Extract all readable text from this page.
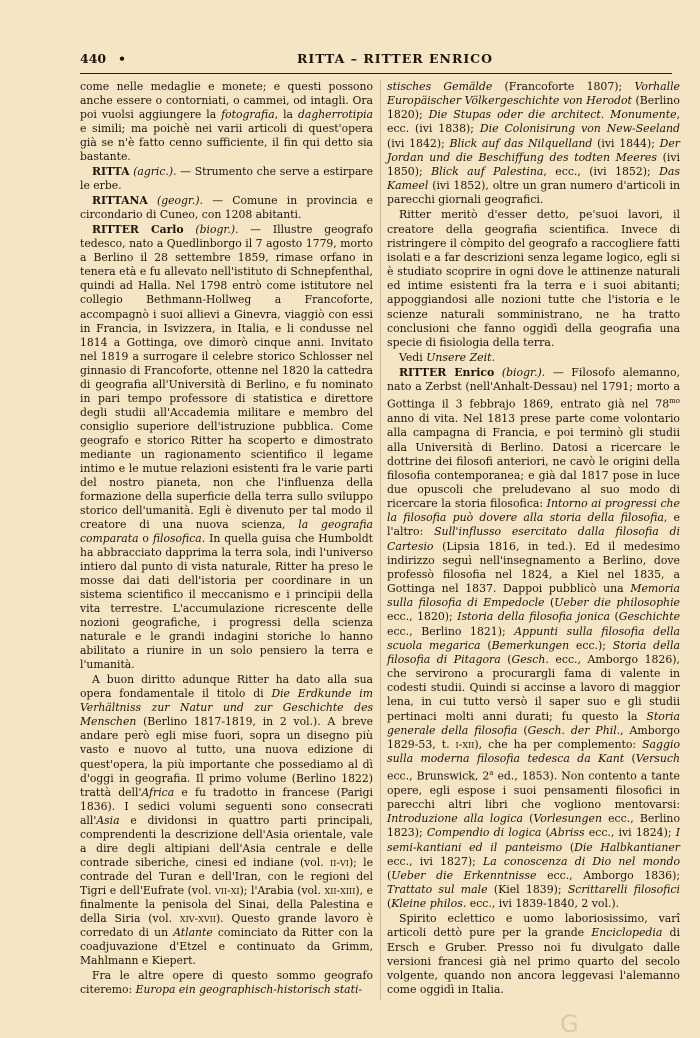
440 •	RITTA – RITTER ENRICO

come nelle medaglie e monete; e questi possono anche essere o contorniati, o cammei, od intagli. Ora poi vuolsi aggiungere la fotografia, la dagherrotipia e simili; ma poichè nei varii articoli di quest'opera già se n'è fatto cenno sufficiente, il fin qui detto sia bastante.

RITTA (agric.). — Strumento che serve a estirpare le erbe.

RITTANA (geogr.). — Comune in provincia e circondario di Cuneo, con 1208 abitanti.

RITTER Carlo (biogr.). — Illustre geografo tedesco, nato a Quedlinborgo il 7 agosto 1779, morto a Berlino il 28 settembre 1859, rimase orfano in tenera età e fu allevato nell'istituto di Schnepfenthal, quindi ad Halla. Nel 1798 entrò come istitutore nel collegio Bethmann-Hollweg a Francoforte, accompagnò i suoi allievi a Ginevra, viaggiò con essi in Francia, in Isvizzera, in Italia, e li condusse nel 1814 a Gottinga, ove dimorò cinque anni. Invitato nel 1819 a surrogare il celebre storico Schlosser nel ginnasio di Francoforte, ottenne nel 1820 la cattedra di geografia all'Università di Berlino, e fu nominato in pari tempo professore di statistica e direttore degli studii all'Accademia militare e membro del consiglio superiore dell'istruzione pubblica. Come geografo e storico Ritter ha scoperto e dimostrato mediante un ragionamento scientifico il legame intimo e le mutue relazioni esistenti fra le varie parti del nostro pianeta, non che l'influenza della formazione della superficie della terra sullo sviluppo storico dell'umanità. Egli è divenuto per tal modo il creatore di una nuova scienza, la geografia comparata o filosofica. In quella guisa che Humboldt ha abbracciato dapprima la terra sola, indi l'universo intiero dal punto di vista naturale, Ritter ha preso le mosse dai dati dell'istoria per coordinare in un sistema scientifico il meccanismo e i principii della vita terrestre. L'accumulazione ricrescente delle nozioni geografiche, i progressi della scienza naturale e le grandi indagini storiche lo hanno abilitato a riunire in un solo pensiero la terra e l'umanità.

A buon diritto adunque Ritter ha dato alla sua opera fondamentale il titolo di Die Erdkunde im Verhältniss zur Natur und zur Geschichte des Menschen (Berlino 1817-1819, in 2 vol.). A breve andare però egli mise fuori, sopra un disegno più vasto e nuovo al tutto, una nuova edizione di quest'opera, la più importante che possediamo al dì d'oggi in geografia. Il primo volume (Berlino 1822) trattà dell'Africa e fu tradotto in francese (Parigi 1836). I sedici volumi seguenti sono consecrati all'Asia e dividonsi in quattro parti principali, comprendenti la descrizione dell'Asia orientale, vale a dire degli altipiani dell'Asia centrale e delle contrade siberiche, cinesi ed indiane (vol. ii-vi); le contrade del Turan e dell'Iran, con le regioni del Tigri e dell'Eufrate (vol. vii-xi); l'Arabia (vol. xii-xiii), e finalmente la penisola del Sinai, della Palestina e della Siria (vol. xiv-xvii). Questo grande lavoro è corredato di un Atlante cominciato da Ritter con la coadjuvazione d'Etzel e continuato da Grimm, Mahlmann e Kiepert.

Fra le altre opere di questo sommo geografo citeremo: Europa ein geographisch-historisch stati-

stisches Gemälde (Francoforte 1807); Vorhalle Europäischer Völkergeschichte von Herodot (Berlino 1820); Die Stupas oder die architect. Monumente, ecc. (ivi 1838); Die Colonisirung von New-Seeland (ivi 1842); Blick auf das Nilquelland (ivi 1844); Der Jordan und die Beschiffung des todten Meeres (ivi 1850); Blick auf Palestina, ecc., (ivi 1852); Das Kameel (ivi 1852), oltre un gran numero d'articoli in parecchi giornali geografici.

Ritter meritò d'esser detto, pe'suoi lavori, il creatore della geografia scientifica. Invece di ristringere il còmpito del geografo a raccogliere fatti isolati e a far descrizioni senza legame logico, egli si è studiato scoprire in ogni dove le attinenze naturali ed intime esistenti fra la terra e i suoi abitanti; appoggiandosi alle nozioni tutte che l'istoria e le scienze naturali somministrano, ne ha tratto conclusioni che fanno oggidì della geografia una specie di fisiologia della terra.

Vedi Unsere Zeit.

RITTER Enrico (biogr.). — Filosofo alemanno, nato a Zerbst (nell'Anhalt-Dessau) nel 1791; morto a Gottinga il 3 febbrajo 1869, entrato già nel $78^{mo}$ anno di vita. Nel 1813 prese parte come volontario alla campagna di Francia, e poi terminò gli studii alla Università di Berlino. Datosi a ricercare le dottrine dei filosofi anteriori, ne cavò le origini della filosofia contemporanea; e già dal 1817 pose in luce due opuscoli che preludevano al suo modo di ricercare la storia filosofica: Intorno ai progressi che la filosofia può dovere alla storia della filosofia, e l'altro: Sull'influsso esercitato dalla filosofia di Cartesio (Lipsia 1816, in ted.). Ed il medesimo indirizzo seguì nell'insegnamento a Berlino, dove professò filosofia nel 1824, a Kiel nel 1835, a Gottinga nel 1837. Dappoi pubblicò una Memoria sulla filosofia di Empedocle (Ueber die philosophie ecc., 1820); Istoria della filosofia jonica (Geschichte ecc., Berlino 1821); Appunti sulla filosofia della scuola megarica (Bemerkungen ecc.); Storia della filosofia di Pitagora (Gesch. ecc., Amborgo 1826), che servirono a procurargli fama di valente in codesti studii. Quindi si accinse a lavoro di maggior lena, in cui tutto versò il saper suo e gli studii pertinaci molti anni durati; fu questo la Storia generale della filosofia (Gesch. der Phil., Amborgo 1829-53, t. i-xii), che ha per complemento: Saggio sulla moderna filosofia tedesca da Kant (Versuch ecc., Brunswick, 2$^a$ ed., 1853). Non contento a tante opere, egli espose i suoi pensamenti filosofici in parecchi altri libri che vogliono mentovarsi: Introduzione alla logica (Vorlesungen ecc., Berlino 1823); Compendio di logica (Abriss ecc., ivi 1824); I semi-kantiani ed il panteismo (Die Halbkantianer ecc., ivi 1827); La conoscenza di Dio nel mondo (Ueber die Erkenntnisse ecc., Amborgo 1836); Trattato sul male (Kiel 1839); Scrittarelli filosofici (Kleine philos. ecc., ivi 1839-1840, 2 vol.).

Spirito eclettico e uomo laboriosissimo, varî articoli dettò pure per la grande Enciclopedia di Ersch e Gruber. Presso noi fu divulgato dalle versioni francesi già nel primo quarto del secolo volgente, quando non ancora leggevasi l'alemanno come oggidì in Italia.

G
